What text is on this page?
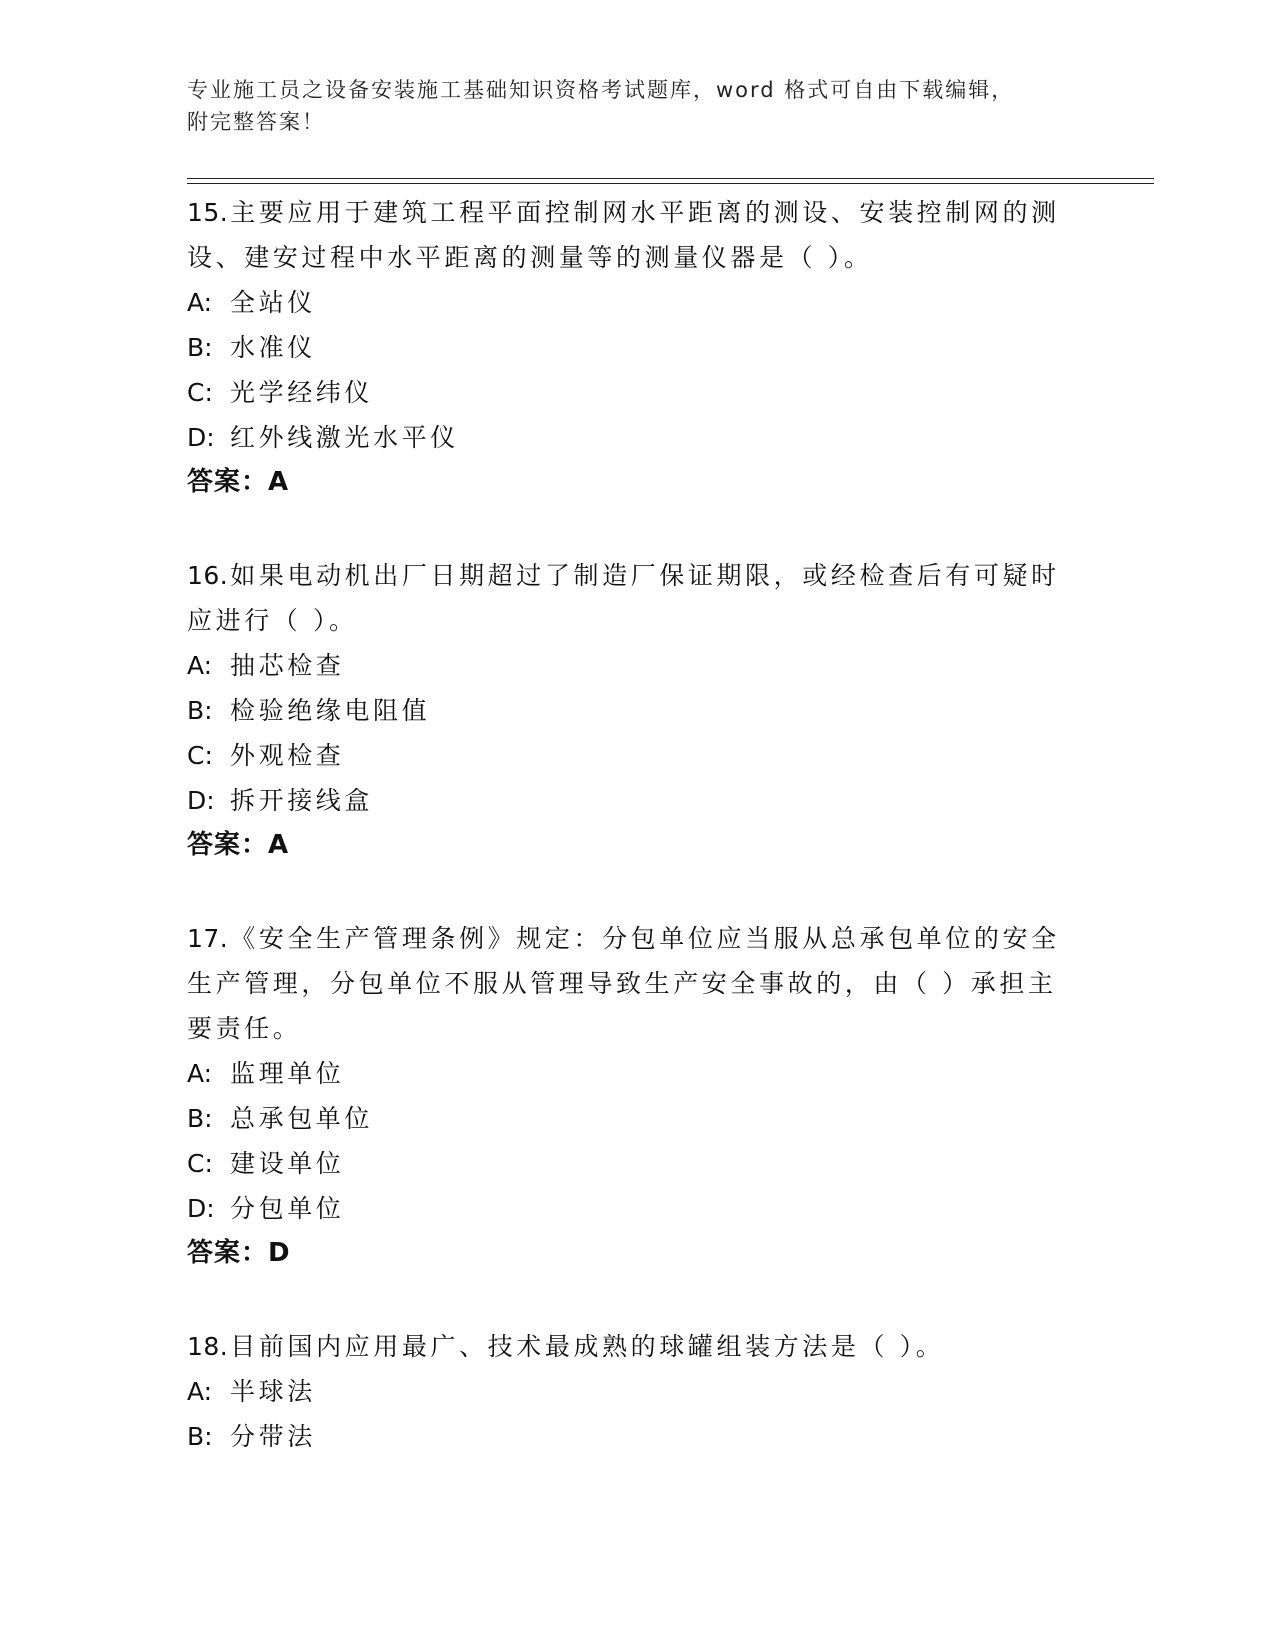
专业施工员之设备安装施工基础知识资格考试题库，word 格式可自由下载编辑，
附完整答案！

15.主要应用于建筑工程平面控制网水平距离的测设、安装控制网的测设、建安过程中水平距离的测量等的测量仪器是（ ）。

A: 全站仪
B: 水准仪
C: 光学经纬仪
D: 红外线激光水平仪
答案：A

16.如果电动机出厂日期超过了制造厂保证期限，或经检查后有可疑时应进行（ ）。

A: 抽芯检查
B: 检验绝缘电阻值
C: 外观检查
D: 拆开接线盒
答案：A

17.《安全生产管理条例》规定：分包单位应当服从总承包单位的安全生产管理，分包单位不服从管理导致生产安全事故的，由（ ）承担主要责任。

A: 监理单位
B: 总承包单位
C: 建设单位
D: 分包单位
答案：D

18.目前国内应用最广、技术最成熟的球罐组装方法是（ ）。

A: 半球法
B: 分带法
